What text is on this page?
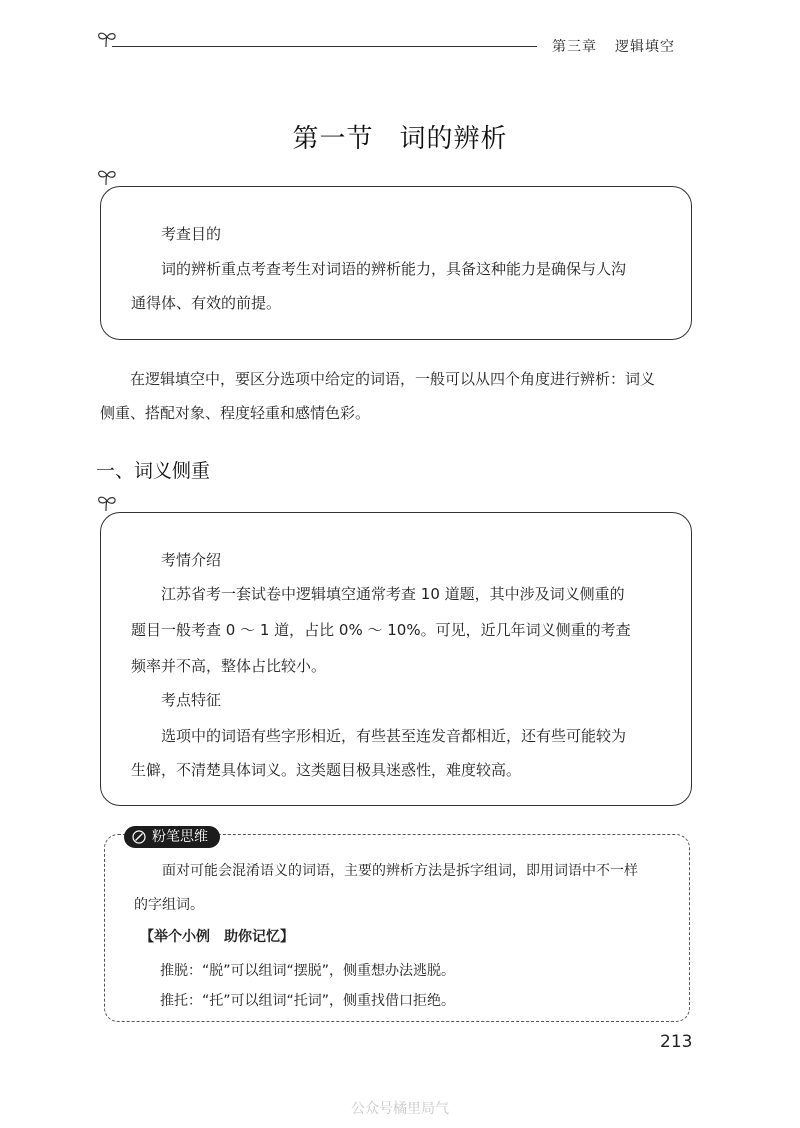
第三章 逻辑填空
第一节 词的辨析
考查目的
词的辨析重点考查考生对词语的辨析能力，具备这种能力是确保与人沟
通得体、有效的前提。
在逻辑填空中，要区分选项中给定的词语，一般可以从四个角度进行辨析：词义
侧重、搭配对象、程度轻重和感情色彩。
一、词义侧重
考情介绍
江苏省考一套试卷中逻辑填空通常考查 10 道题，其中涉及词义侧重的
题目一般考查 0 ～ 1 道，占比 0% ～ 10%。可见，近几年词义侧重的考查
频率并不高，整体占比较小。
考点特征
选项中的词语有些字形相近，有些甚至连发音都相近，还有些可能较为
生僻，不清楚具体词义。这类题目极具迷惑性，难度较高。
粉笔思维
面对可能会混淆语义的词语，主要的辨析方法是拆字组词，即用词语中不一样
的字组词。
【举个小例　助你记忆】
推脱：“脱”可以组词“摆脱”，侧重想办法逃脱。
推托：“托”可以组词“托词”，侧重找借口拒绝。
213
公众号橘里局气
